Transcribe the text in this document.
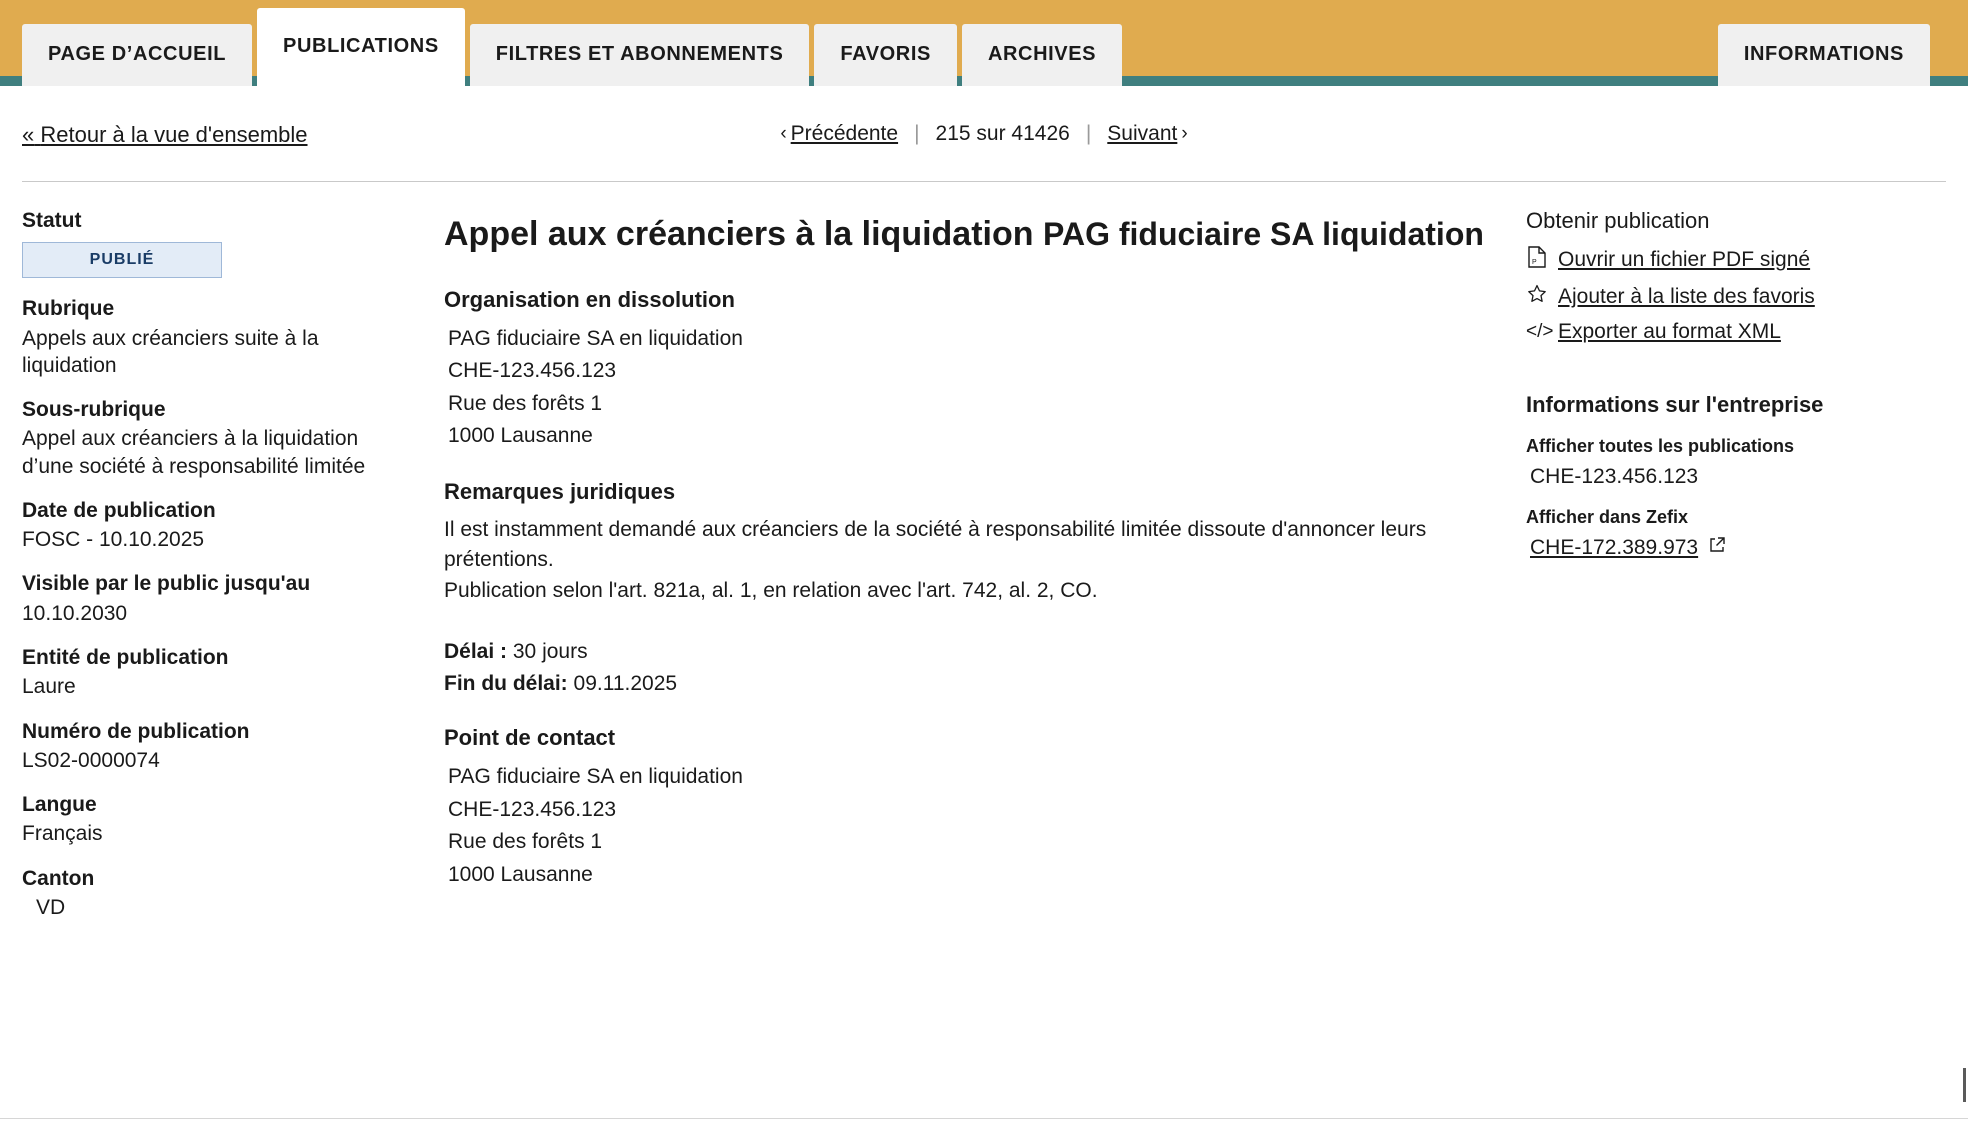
PAGE D’ACCUEIL	PUBLICATIONS	FILTRES ET ABONNEMENTS	FAVORIS	ARCHIVES	INFORMATIONS
« Retour à la vue d'ensemble	‹ Précédente | 215 sur 41426 | Suivant ›
Statut
PUBLIÉ
Rubrique
Appels aux créanciers suite à la liquidation
Sous-rubrique
Appel aux créanciers à la liquidation d’une société à responsabilité limitée
Date de publication
FOSC - 10.10.2025
Visible par le public jusqu'au
10.10.2030
Entité de publication
Laure
Numéro de publication
LS02-0000074
Langue
Français
Canton
VD
Appel aux créanciers à la liquidation PAG fiduciaire SA liquidation
Organisation en dissolution
PAG fiduciaire SA en liquidation
CHE-123.456.123
Rue des forêts 1
1000 Lausanne
Remarques juridiques
Il est instamment demandé aux créanciers de la société à responsabilité limitée dissoute d'annoncer leurs prétentions.
Publication selon l'art. 821a, al. 1, en relation avec l'art. 742, al. 2, CO.
Délai : 30 jours
Fin du délai: 09.11.2025
Point de contact
PAG fiduciaire SA en liquidation
CHE-123.456.123
Rue des forêts 1
1000 Lausanne
Obtenir publication
P Ouvrir un fichier PDF signé
Ajouter à la liste des favoris
</> Exporter au format XML
Informations sur l'entreprise
Afficher toutes les publications
CHE-123.456.123
Afficher dans Zefix
CHE-172.389.973
